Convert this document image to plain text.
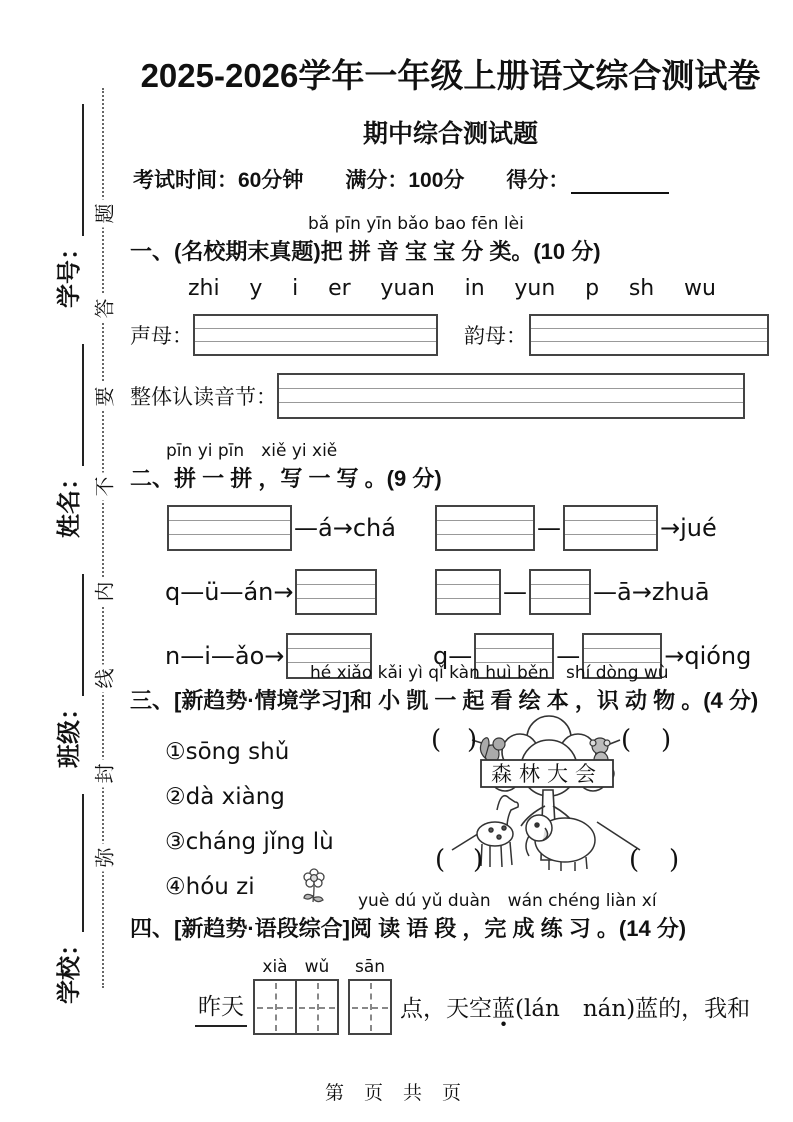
学校：
班级：
姓名：
学号：
题
答
要
不
内
线
封
弥
2025-2026学年一年级上册语文综合测试卷
期中综合测试题
考试时间：60分钟 满分：100分 得分：
bǎ pīn yīn bǎo bao fēn lèi
一、(名校期末真题)把 拼 音 宝 宝 分 类。(10 分)
zhi y i er yuan in yun p sh wu
声母：	韵母：
整体认读音节：
pīn yi pīn　xiě yi xiě
二、拼 一 拼 ，写 一 写 。(9 分)
—á→chá	—	→jué
q—ü—án→	—	—ā→zhuā
n—i—ǎo→	q—	—	→qióng
hé xiǎo kǎi yì qǐ kàn huì běn　shí dòng wù
三、[新趋势·情境学习]和 小 凯 一 起 看 绘 本 ，识 动 物 。(4 分)
①sōng shǔ
②dà xiàng
③cháng jǐng lù
④hóu zi
森林大会
( )	( )
( )	( )
yuè dú yǔ duàn　wán chéng liàn xí
四、[新趋势·语段综合]阅 读 语 段 ，完 成 练 习 。(14 分)
昨天
xià wǔ sān
点，天空蓝(lán　nán)蓝的，我和
第 页 共 页
